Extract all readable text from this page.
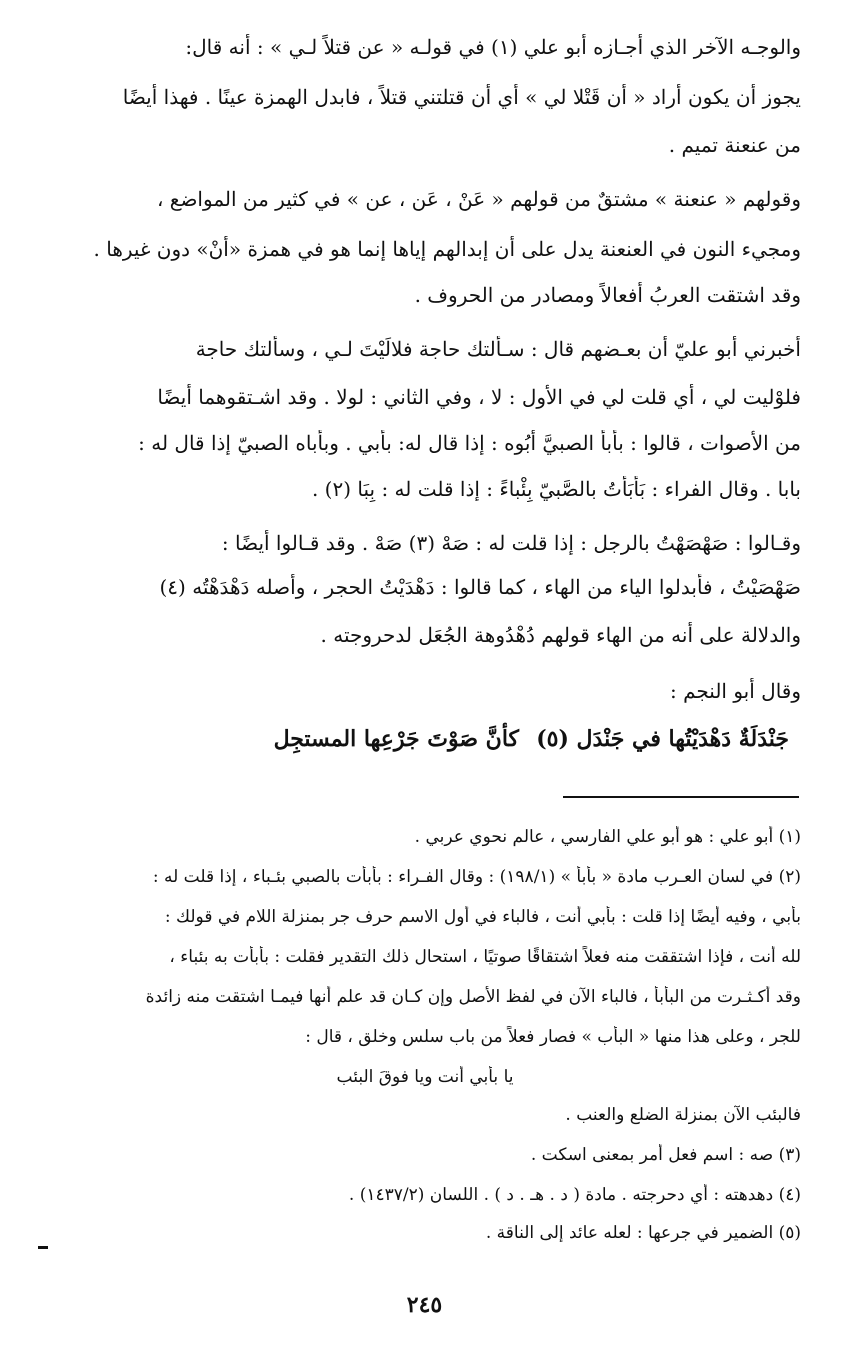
والوجـه الآخر الذي أجـازه أبو علي (١) في قولـه « عن قتلاً لـي » : أنه قال:
يجوز أن يكون أراد « أن قَتْلا لي » أي أن قتلتني قتلاً ، فابدل الهمزة عينًا . فهذا أيضًا
من عنعنة تميم .
وقولهم « عنعنة » مشتقٌ من قولهم « عَنْ ، عَن ، عن » في كثير من المواضع ،
ومجيء النون في العنعنة يدل على أن إبدالهم إياها إنما هو في همزة «أَنْ» دون غيرها .
وقد اشتقت العربُ أفعالاً ومصادر من الحروف .
أخبرني أبو عليّ أن بعـضهم قال : سـألتك حاجة فلالَيْتَ لـي ، وسألتك حاجة
فلوْليت لي ، أي قلت لي في الأول : لا ، وفي الثاني : لولا . وقد اشـتقوهما أيضًا
من الأصوات ، قالوا : بأْبأَ الصبيَّ أَبُوه : إذا قال له: بأبي . وبأباه الصبيّ إذا قال له :
بابا . وقال الفراء : بَأبَأتُ بالصَّبيّ بِئْباءً : إذا قلت له : بِبَا (٢) .
وقـالوا : صَهْصَهْتُ بالرجل : إذا قلت له : صَهْ (٣) صَهْ . وقد قـالوا أيضًا :
صَهْصَيْتُ ، فأبدلوا الياء من الهاء ، كما قالوا : دَهْدَيْتُ الحجر ، وأصله دَهْدَهْتُه (٤)
والدلالة على أنه من الهاء قولهم دُهْدُوهة الجُعَل لدحروجته .
وقال أبو النجم :
جَنْدَلَةٌ دَهْدَيْتُها في جَنْدَل (٥)
كأنَّ صَوْتَ جَرْعِها المستجِل
(١) أبو علي : هو أبو علي الفارسي ، عالم نحوي عربي .
(٢) في لسان العـرب مادة « بأبأ » (١٩٨/١) : وقال الفـراء : بأبأت بالصبي بئـباء ، إذا قلت له :
بأبي ، وفيه أيضًا إذا قلت : بأبي أنت ، فالباء في أول الاسم حرف جر بمنزلة اللام في قولك :
لله أنت ، فإذا اشتققت منه فعلاً اشتقاقًا صوتيًا ، استحال ذلك التقدير فقلت : بأبأت به بئباء ،
وقد أكـثـرت من البأبأ ، فالباء الآن في لفظ الأصل وإن كـان قد علم أنها فيمـا اشتقت منه زائدة
للجر ، وعلى هذا منها « البأب » فصار فعلاً من باب سلس وخلق ، قال :
يا بأبي أنت ويا فوقَ البئب
فالبئب الآن بمنزلة الضلع والعنب .
(٣) صه : اسم فعل أمر بمعنى اسكت .
(٤) دهدهته : أي دحرجته . مادة ( د . هـ . د ) . اللسان (١٤٣٧/٢) .
(٥) الضمير في جرعها : لعله عائد إلى الناقة .
٢٤٥
